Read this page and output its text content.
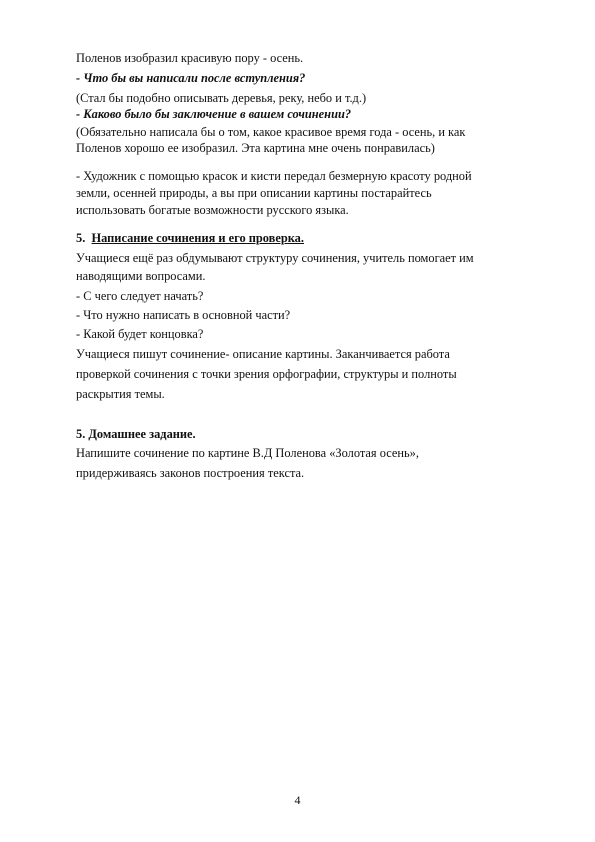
Поленов изобразил красивую пору - осень.
- Что бы вы написали после вступления?
(Стал бы подобно описывать деревья, реку, небо и т.д.)
- Каково было бы заключение в вашем сочинении?
(Обязательно написала бы о том, какое красивое время года - осень, и как
Поленов хорошо ее изобразил. Эта картина мне очень понравилась)
- Художник с помощью красок и кисти передал безмерную красоту родной
земли, осенней природы, а вы при описании картины постарайтесь
использовать богатые возможности русского языка.
5. Написание сочинения и его проверка.
Учащиеся ещё раз обдумывают структуру сочинения, учитель помогает им
наводящими вопросами.
- С чего следует начать?
- Что нужно написать в основной части?
- Какой будет концовка?
Учащиеся пишут сочинение- описание картины. Заканчивается работа
проверкой сочинения с точки зрения орфографии, структуры и полноты
раскрытия темы.
5. Домашнее задание.
Напишите сочинение по картине В.Д Поленова «Золотая осень»,
придерживаясь законов построения текста.
4
